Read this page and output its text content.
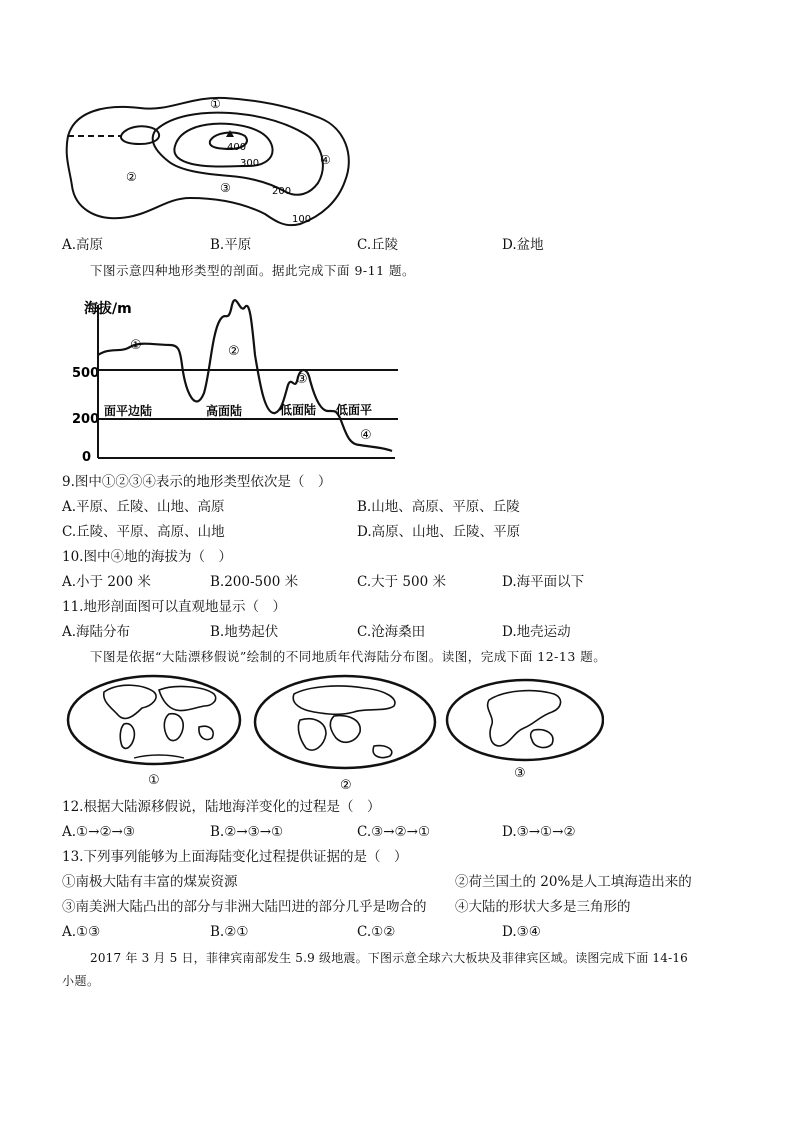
①
②
③
④
400
300
200
100
A.高原	B.平原	C.丘陵	D.盆地
下图示意四种地形类型的剖面。据此完成下面 9-11 题。
海拔/m
500
200
0
①	②
③
④
面平边陆	高面陆	低面陆 低面平
9.图中①②③④表示的地形类型依次是（　）
A.平原、丘陵、山地、高原	B.山地、高原、平原、丘陵
C.丘陵、平原、高原、山地	D.高原、山地、丘陵、平原
10.图中④地的海拔为（　）
A.小于 200 米	B.200-500 米	C.大于 500 米	D.海平面以下
11.地形剖面图可以直观地显示（　）
A.海陆分布	B.地势起伏	C.沧海桑田	D.地壳运动
下图是依据“大陆漂移假说”绘制的不同地质年代海陆分布图。读图，完成下面 12-13 题。
①	②
③
12.根据大陆源移假说，陆地海洋变化的过程是（　）
A.①→②→③	B.②→③→①	C.③→②→①	D.③→①→②
13.下列事列能够为上面海陆变化过程提供证据的是（　）
①南极大陆有丰富的煤炭资源	②荷兰国土的 20%是人工填海造出来的
③南美洲大陆凸出的部分与非洲大陆凹进的部分几乎是吻合的 ④大陆的形状大多是三角形的
A.①③	B.②①	C.①②	D.③④
2017 年 3 月 5 日，菲律宾南部发生 5.9 级地震。下图示意全球六大板块及菲律宾区域。读图完成下面 14-16
小题。
